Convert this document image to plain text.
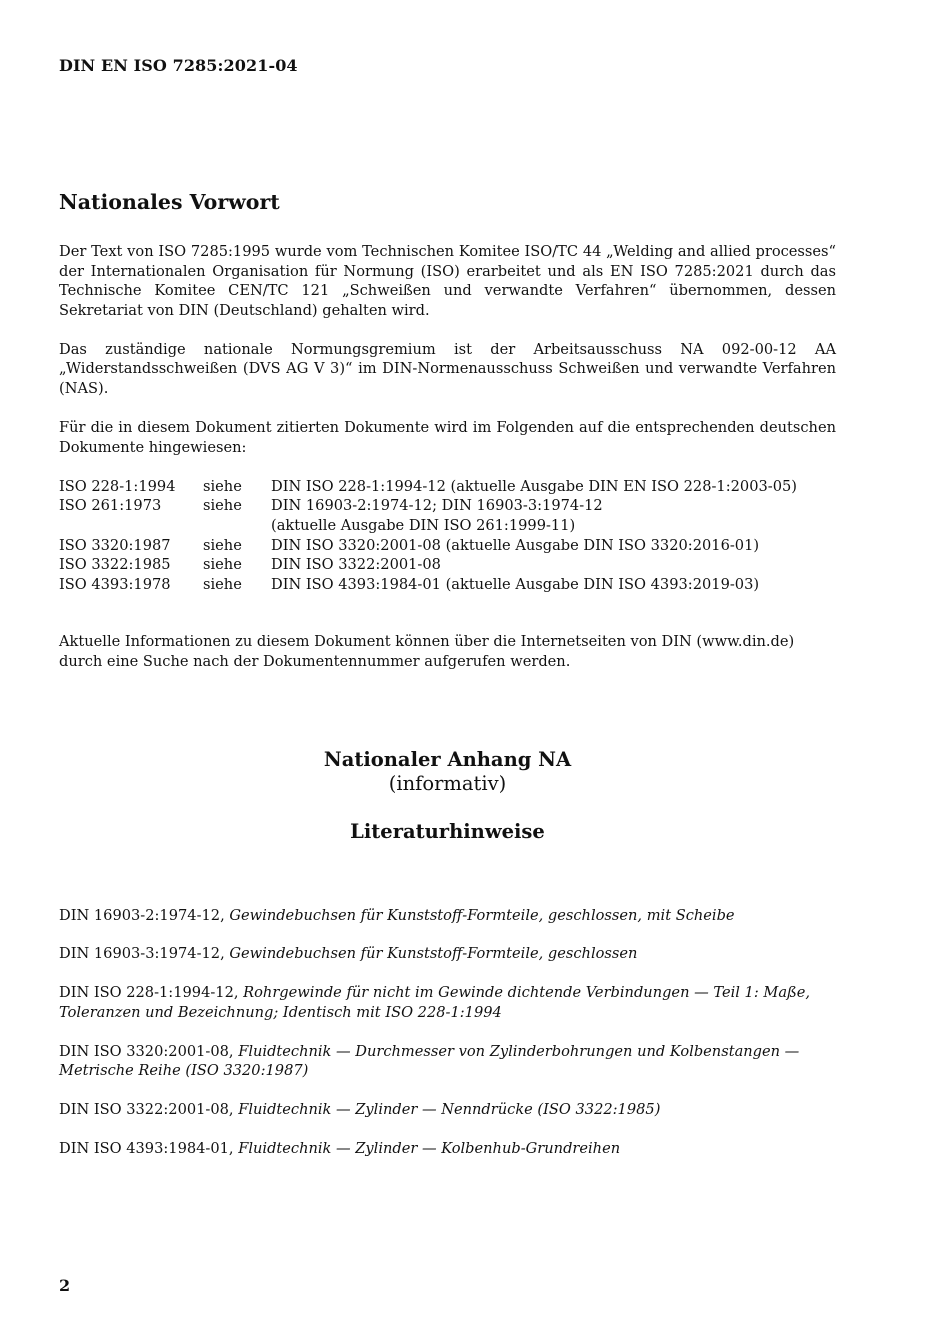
DIN EN ISO 7285:2021-04
Nationales Vorwort

Der Text von ISO 7285:1995 wurde vom Technischen Komitee ISO/TC 44 „Welding and allied processes“ der Internationalen Organisation für Normung (ISO) erarbeitet und als EN ISO 7285:2021 durch das Technische Komitee CEN/TC 121 „Schweißen und verwandte Verfahren“ übernommen, dessen Sekretariat von DIN (Deutschland) gehalten wird.

Das zuständige nationale Normungsgremium ist der Arbeitsausschuss NA 092-00-12 AA „Widerstandsschweißen (DVS AG V 3)“ im DIN-Normenausschuss Schweißen und verwandte Verfahren (NAS).

Für die in diesem Dokument zitierten Dokumente wird im Folgenden auf die entsprechenden deutschen Dokumente hingewiesen:

ISO 228-1:1994	siehe	DIN ISO 228-1:1994-12 (aktuelle Ausgabe DIN EN ISO 228-1:2003-05)
ISO 261:1973	siehe	DIN 16903-2:1974-12; DIN 16903-3:1974-12
		(aktuelle Ausgabe DIN ISO 261:1999-11)
ISO 3320:1987	siehe	DIN ISO 3320:2001-08 (aktuelle Ausgabe DIN ISO 3320:2016-01)
ISO 3322:1985	siehe	DIN ISO 3322:2001-08
ISO 4393:1978	siehe	DIN ISO 4393:1984-01 (aktuelle Ausgabe DIN ISO 4393:2019-03)

Aktuelle Informationen zu diesem Dokument können über die Internetseiten von DIN (www.din.de) durch eine Suche nach der Dokumentennummer aufgerufen werden.

Nationaler Anhang NA
(informativ)
Literaturhinweise
DIN 16903-2:1974-12, Gewindebuchsen für Kunststoff-Formteile, geschlossen, mit Scheibe
DIN 16903-3:1974-12, Gewindebuchsen für Kunststoff-Formteile, geschlossen
DIN ISO 228-1:1994-12, Rohrgewinde für nicht im Gewinde dichtende Verbindungen — Teil 1: Maße, Toleranzen und Bezeichnung; Identisch mit ISO 228-1:1994
DIN ISO 3320:2001-08, Fluidtechnik — Durchmesser von Zylinderbohrungen und Kolbenstangen — Metrische Reihe (ISO 3320:1987)
DIN ISO 3322:2001-08, Fluidtechnik — Zylinder — Nenndrücke (ISO 3322:1985)
DIN ISO 4393:1984-01, Fluidtechnik — Zylinder — Kolbenhub-Grundreihen
2
